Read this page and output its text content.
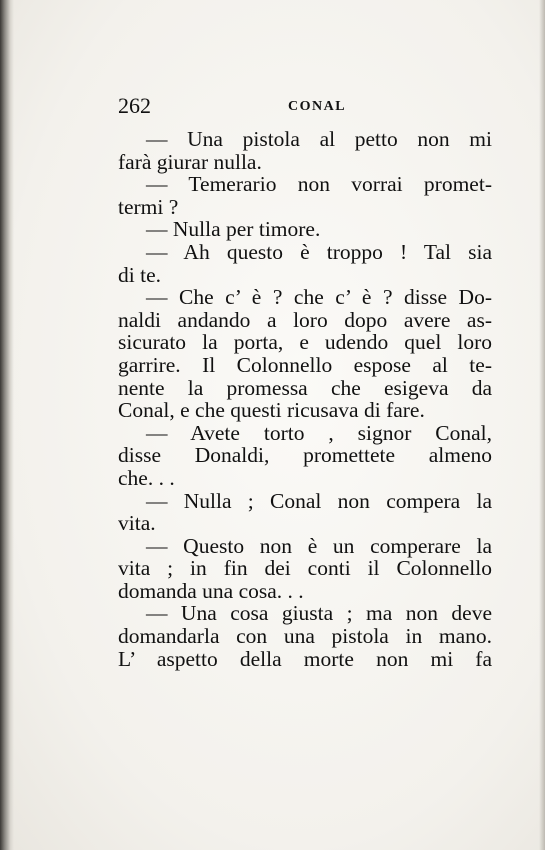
262	CONAL
— Una pistola al petto non mi
farà giurar nulla.
— Temerario non vorrai promet-
termi ?
— Nulla per timore.
— Ah questo è troppo ! Tal sia
di te.
— Che c’ è ? che c’ è ? disse Do-
naldi andando a loro dopo avere as-
sicurato la porta, e udendo quel loro
garrire. Il Colonnello espose al te-
nente la promessa che esigeva da
Conal, e che questi ricusava di fare.
— Avete torto , signor Conal,
disse Donaldi, promettete almeno
che. . .
— Nulla ; Conal non compera la
vita.
— Questo non è un comperare la
vita ; in fin dei conti il Colonnello
domanda una cosa. . .
— Una cosa giusta ; ma non deve
domandarla con una pistola in mano.
L’ aspetto della morte non mi fa
